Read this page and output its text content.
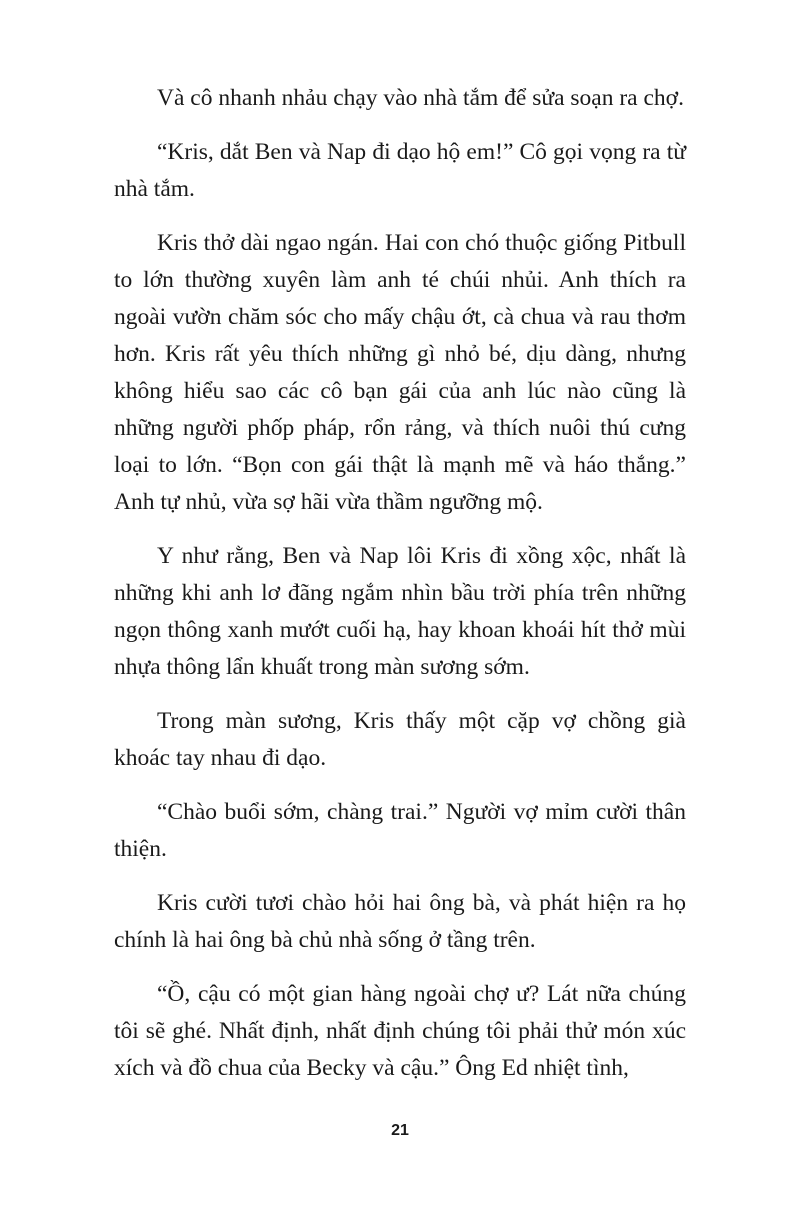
Và cô nhanh nhảu chạy vào nhà tắm để sửa soạn ra chợ.

“Kris, dắt Ben và Nap đi dạo hộ em!” Cô gọi vọng ra từ nhà tắm.

Kris thở dài ngao ngán. Hai con chó thuộc giống Pitbull to lớn thường xuyên làm anh té chúi nhủi. Anh thích ra ngoài vườn chăm sóc cho mấy chậu ớt, cà chua và rau thơm hơn. Kris rất yêu thích những gì nhỏ bé, dịu dàng, nhưng không hiểu sao các cô bạn gái của anh lúc nào cũng là những người phốp pháp, rổn rảng, và thích nuôi thú cưng loại to lớn. “Bọn con gái thật là mạnh mẽ và háo thắng.” Anh tự nhủ, vừa sợ hãi vừa thầm ngưỡng mộ.

Y như rằng, Ben và Nap lôi Kris đi xồng xộc, nhất là những khi anh lơ đãng ngắm nhìn bầu trời phía trên những ngọn thông xanh mướt cuối hạ, hay khoan khoái hít thở mùi nhựa thông lẩn khuất trong màn sương sớm.

Trong màn sương, Kris thấy một cặp vợ chồng già khoác tay nhau đi dạo.

“Chào buổi sớm, chàng trai.” Người vợ mỉm cười thân thiện.

Kris cười tươi chào hỏi hai ông bà, và phát hiện ra họ chính là hai ông bà chủ nhà sống ở tầng trên.

“Ồ, cậu có một gian hàng ngoài chợ ư? Lát nữa chúng tôi sẽ ghé. Nhất định, nhất định chúng tôi phải thử món xúc xích và đồ chua của Becky và cậu.” Ông Ed nhiệt tình,

21
